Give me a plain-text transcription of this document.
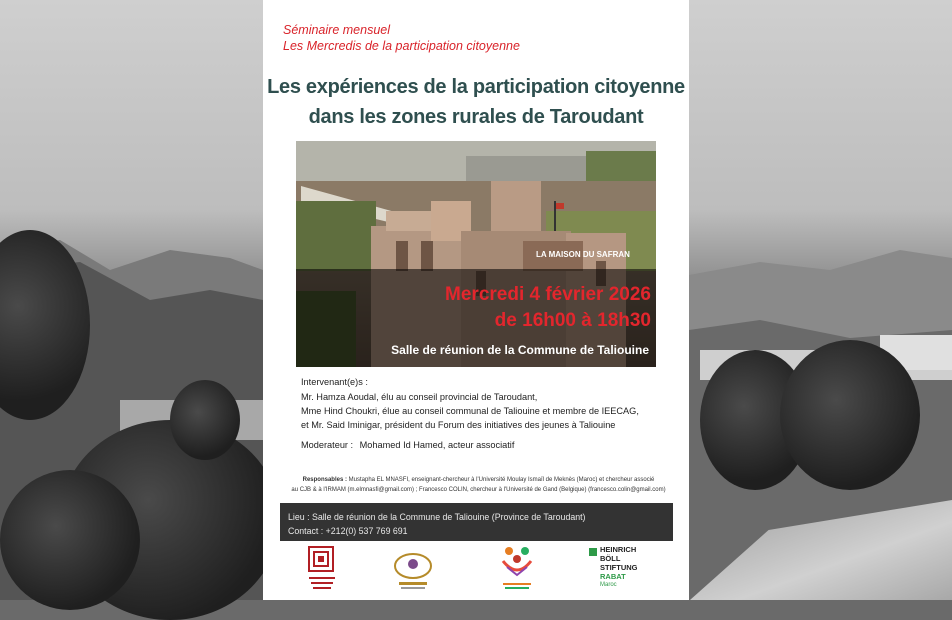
Séminaire mensuel
Les Mercredis de la participation citoyenne
Les expériences de la participation citoyenne
dans les zones rurales de Taroudant
LA MAISON DU SAFRAN
Mercredi 4 février 2026
de 16h00 à 18h30
Salle de réunion de la Commune de Taliouine
Intervenant(e)s :
Mr. Hamza Aoudal, élu au conseil provincial de Taroudant,
Mme Hind Choukri, élue au conseil communal de Taliouine et membre de IEECAG,
et Mr. Said Iminigar, président du Forum des initiatives des jeunes à Taliouine
Moderateur : Mohamed Id Hamed, acteur associatif
Responsables : Mustapha EL MNASFI, enseignant-chercheur à l'Université Moulay Ismaïl de Meknès (Maroc) et chercheur associé
au CJB & à l'IRMAM (m.elmnasfi@gmail.com) ; Francesco COLIN, chercheur à l'Université de Gand (Belgique) (francesco.colin@gmail.com)
Lieu : Salle de réunion de la Commune de Taliouine (Province de Taroudant)
Contact : +212(0) 537 769 691
HEINRICH
BÖLL
STIFTUNG
RABAT
Maroc
